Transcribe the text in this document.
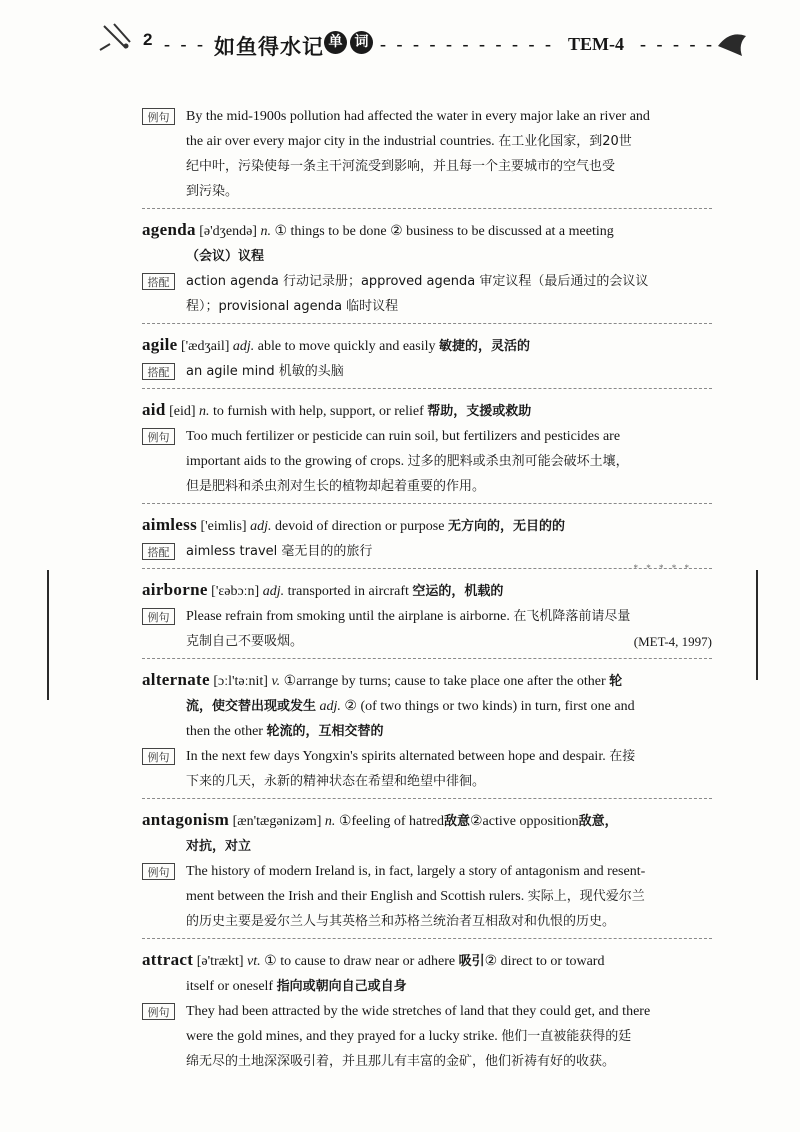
2 - - - 如鱼得水记 单 词 - - - - - - - - - - - TEM-4 - - - - -
例句	By the mid-1900s pollution had affected the water in every major lake an river and
the air over every major city in the industrial countries. 在工业化国家，到20世
纪中叶，污染使每一条主干河流受到影响，并且每一个主要城市的空气也受
到污染。
agenda [ə'dʒendə] n. ① things to be done ② business to be discussed at a meeting
（会议）议程
搭配	action agenda 行动记录册；approved agenda 审定议程（最后通过的会议议
程）；provisional agenda 临时议程
agile ['ædʒail] adj. able to move quickly and easily 敏捷的，灵活的
搭配	an agile mind 机敏的头脑
aid [eid] n. to furnish with help, support, or relief 帮助，支援或救助
例句	Too much fertilizer or pesticide can ruin soil, but fertilizers and pesticides are
important aids to the growing of crops. 过多的肥料或杀虫剂可能会破坏土壤，
但是肥料和杀虫剂对生长的植物却起着重要的作用。
aimless ['eimlis] adj. devoid of direction or purpose 无方向的，无目的的
搭配	aimless travel 毫无目的的旅行
* * * * *
airborne ['ɛəbɔːn] adj. transported in aircraft 空运的，机载的
例句	Please refrain from smoking until the airplane is airborne. 在飞机降落前请尽量
克制自己不要吸烟。	(MET-4, 1997)
alternate [ɔːl'təːnit] v. ①arrange by turns; cause to take place one after the other 轮
流，使交替出现或发生 adj. ② (of two things or two kinds) in turn, first one and
then the other 轮流的，互相交替的
例句	In the next few days Yongxin's spirits alternated between hope and despair. 在接
下来的几天，永新的精神状态在希望和绝望中徘徊。
antagonism [æn'tægənizəm] n. ①feeling of hatred敌意②active opposition敌意，
对抗，对立
例句	The history of modern Ireland is, in fact, largely a story of antagonism and resent-
ment between the Irish and their English and Scottish rulers. 实际上，现代爱尔兰
的历史主要是爱尔兰人与其英格兰和苏格兰统治者互相敌对和仇恨的历史。
attract [ə'trækt] vt. ① to cause to draw near or adhere 吸引② direct to or toward
itself or oneself 指向或朝向自己或自身
例句	They had been attracted by the wide stretches of land that they could get, and there
were the gold mines, and they prayed for a lucky strike. 他们一直被能获得的廷
绵无尽的土地深深吸引着，并且那儿有丰富的金矿，他们祈祷有好的收获。
